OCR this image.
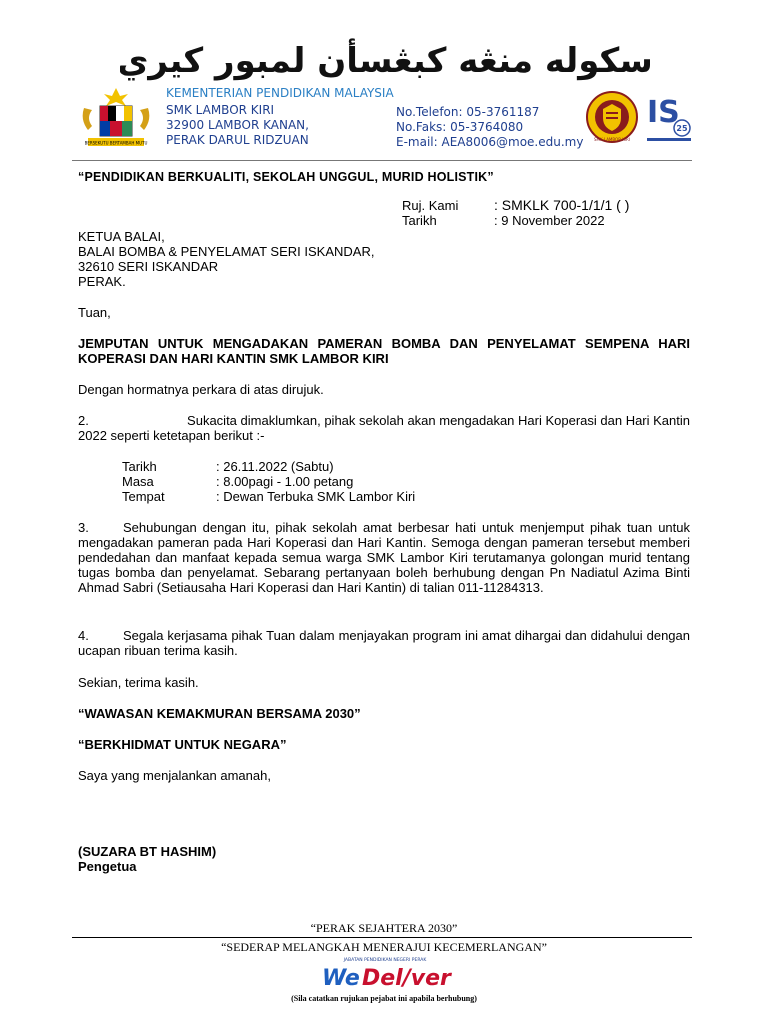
سکوله منڠه کبڠسأن لمبور کيري
BERSEKUTU BERTAMBAH MUTU
KEMENTERIAN PENDIDIKAN MALAYSIA
SMK LAMBOR KIRI
32900 LAMBOR KANAN,
PERAK DARUL RIDZUAN
No.Telefon: 05-3761187
No.Faks: 05-3764080
E-mail: AEA8006@moe.edu.my	SMK LAMBOR KIRI
IS
25
“PENDIDIKAN BERKUALITI, SEKOLAH UNGGUL, MURID HOLISTIK”
Ruj. Kami	: SMKLK 700-1/1/1 ( )
Tarikh	: 9 November 2022
KETUA BALAI,
BALAI BOMBA & PENYELAMAT SERI ISKANDAR,
32610 SERI ISKANDAR
PERAK.
Tuan,
JEMPUTAN UNTUK MENGADAKAN PAMERAN BOMBA DAN PENYELAMAT SEMPENA HARI KOPERASI DAN HARI KANTIN SMK LAMBOR KIRI
Dengan hormatnya perkara di atas dirujuk.
2.	Sukacita dimaklumkan, pihak sekolah akan mengadakan Hari Koperasi dan Hari Kantin
2022 seperti ketetapan berikut :-
Tarikh	: 26.11.2022 (Sabtu)
Masa	: 8.00pagi - 1.00 petang
Tempat	: Dewan Terbuka SMK Lambor Kiri
3.	Sehubungan dengan itu, pihak sekolah amat berbesar hati untuk menjemput pihak tuan untuk mengadakan pameran pada Hari Koperasi dan Hari Kantin. Semoga dengan pameran tersebut memberi pendedahan dan manfaat kepada semua warga SMK Lambor Kiri terutamanya golongan murid tentang tugas bomba dan penyelamat. Sebarang pertanyaan boleh berhubung dengan Pn Nadiatul Azima Binti Ahmad Sabri (Setiausaha Hari Koperasi dan Hari Kantin) di talian 011-11284313.
4.	Segala kerjasama pihak Tuan dalam menjayakan program ini amat dihargai dan didahului dengan ucapan ribuan terima kasih.
Sekian, terima kasih.
“WAWASAN KEMAKMURAN BERSAMA 2030”
“BERKHIDMAT UNTUK NEGARA”
Saya yang menjalankan amanah,
(SUZARA BT HASHIM)
Pengetua
“PERAK SEJAHTERA 2030”
“SEDERAP MELANGKAH MENERAJUI KECEMERLANGAN”
JABATAN PENDIDIKAN NEGERI PERAK
We Del/ver
(Sila catatkan rujukan pejabat ini apabila berhubung)
